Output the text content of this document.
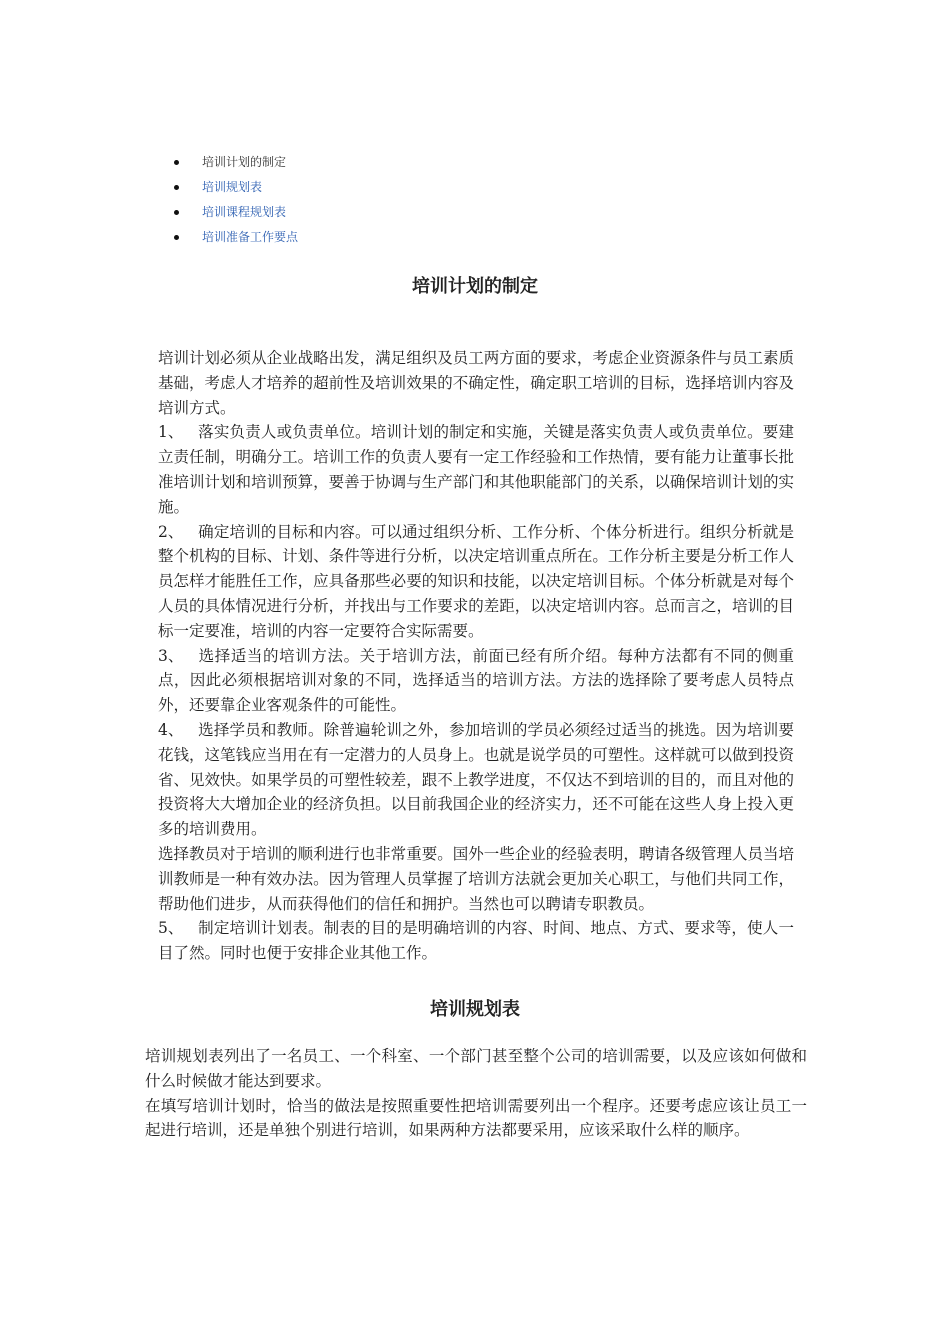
培训计划的制定
培训规划表
培训课程规划表
培训准备工作要点
培训计划的制定

培训计划必须从企业战略出发，满足组织及员工两方面的要求，考虑企业资源条件与员工素质基础，考虑人才培养的超前性及培训效果的不确定性，确定职工培训的目标，选择培训内容及培训方式。

1、 落实负责人或负责单位。培训计划的制定和实施，关键是落实负责人或负责单位。要建立责任制，明确分工。培训工作的负责人要有一定工作经验和工作热情，要有能力让董事长批准培训计划和培训预算，要善于协调与生产部门和其他职能部门的关系，以确保培训计划的实施。

2、 确定培训的目标和内容。可以通过组织分析、工作分析、个体分析进行。组织分析就是整个机构的目标、计划、条件等进行分析，以决定培训重点所在。工作分析主要是分析工作人员怎样才能胜任工作，应具备那些必要的知识和技能，以决定培训目标。个体分析就是对每个人员的具体情况进行分析，并找出与工作要求的差距，以决定培训内容。总而言之，培训的目标一定要准，培训的内容一定要符合实际需要。

3、 选择适当的培训方法。关于培训方法，前面已经有所介绍。每种方法都有不同的侧重点，因此必须根据培训对象的不同，选择适当的培训方法。方法的选择除了要考虑人员特点外，还要靠企业客观条件的可能性。

4、 选择学员和教师。除普遍轮训之外，参加培训的学员必须经过适当的挑选。因为培训要花钱，这笔钱应当用在有一定潜力的人员身上。也就是说学员的可塑性。这样就可以做到投资省、见效快。如果学员的可塑性较差，跟不上教学进度，不仅达不到培训的目的，而且对他的投资将大大增加企业的经济负担。以目前我国企业的经济实力，还不可能在这些人身上投入更多的培训费用。

选择教员对于培训的顺利进行也非常重要。国外一些企业的经验表明，聘请各级管理人员当培训教师是一种有效办法。因为管理人员掌握了培训方法就会更加关心职工，与他们共同工作，帮助他们进步，从而获得他们的信任和拥护。当然也可以聘请专职教员。

5、 制定培训计划表。制表的目的是明确培训的内容、时间、地点、方式、要求等，使人一目了然。同时也便于安排企业其他工作。

培训规划表

培训规划表列出了一名员工、一个科室、一个部门甚至整个公司的培训需要，以及应该如何做和什么时候做才能达到要求。

在填写培训计划时，恰当的做法是按照重要性把培训需要列出一个程序。还要考虑应该让员工一起进行培训，还是单独个别进行培训，如果两种方法都要采用，应该采取什么样的顺序。
